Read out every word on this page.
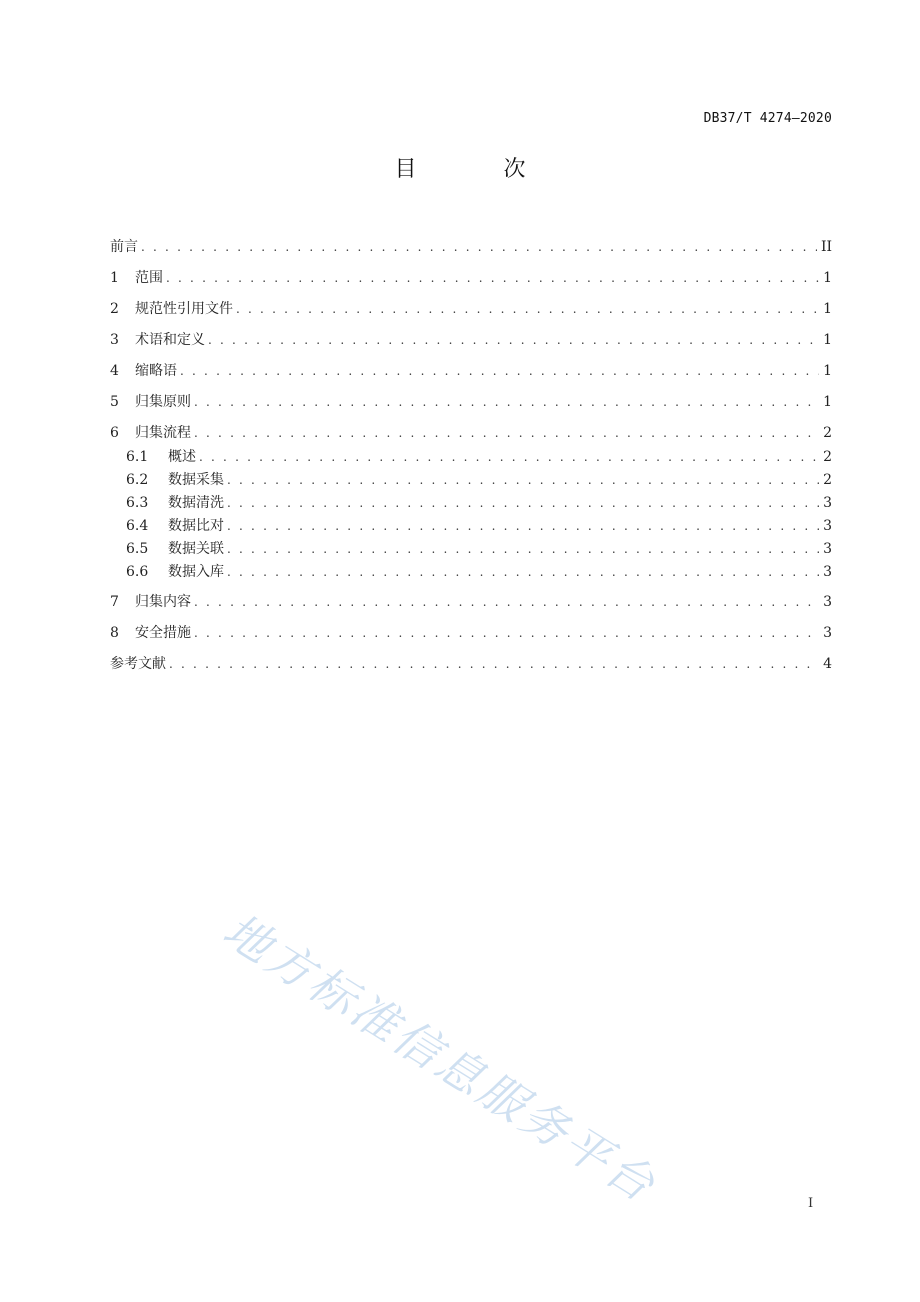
DB37/T 4274—2020
目 次
前言 . . .	II
1	范围 . . .	1
2	规范性引用文件 . . .	1
3	术语和定义 . . .	1
4	缩略语 . . .	1
5	归集原则 . . .	1
6	归集流程 . . .	2
6.1	概述 . . .	2
6.2	数据采集 . . .	2
6.3	数据清洗 . . .	3
6.4	数据比对 . . .	3
6.5	数据关联 . . .	3
6.6	数据入库 . . .	3
7	归集内容 . . .	3
8	安全措施 . . .	3
参考文献 . . .	4
地方标准信息服务平台	I
